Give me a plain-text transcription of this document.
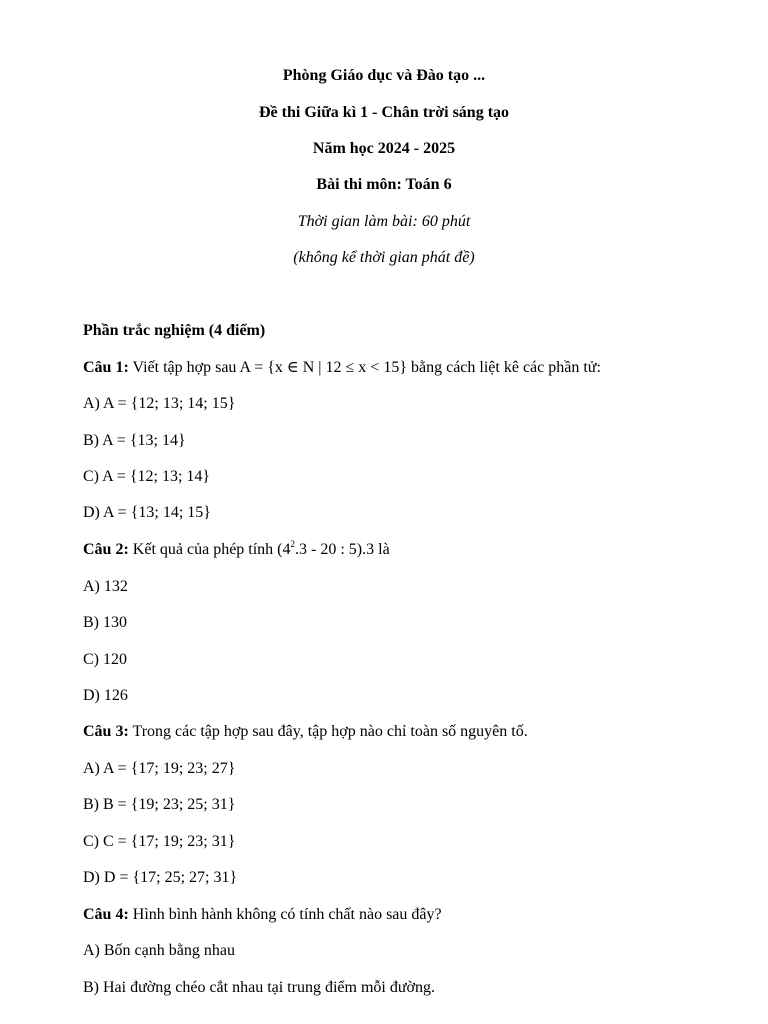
Phòng Giáo dục và Đào tạo ...
Đề thi Giữa kì 1 - Chân trời sáng tạo
Năm học 2024 - 2025
Bài thi môn: Toán 6
Thời gian làm bài: 60 phút
(không kể thời gian phát đề)
Phần trắc nghiệm (4 điểm)
Câu 1: Viết tập hợp sau A = {x ∈ N | 12 ≤ x < 15} bằng cách liệt kê các phần tử:
A) A = {12; 13; 14; 15}
B) A = {13; 14}
C) A = {12; 13; 14}
D) A = {13; 14; 15}
Câu 2: Kết quả của phép tính ($4^2.3 - 20$ : 5).3 là
A) 132
B) 130
C) 120
D) 126
Câu 3: Trong các tập hợp sau đây, tập hợp nào chỉ toàn số nguyên tố.
A) A = {17; 19; 23; 27}
B) B = {19; 23; 25; 31}
C) C = {17; 19; 23; 31}
D) D = {17; 25; 27; 31}
Câu 4: Hình bình hành không có tính chất nào sau đây?
A) Bốn cạnh bằng nhau
B) Hai đường chéo cắt nhau tại trung điểm mỗi đường.
